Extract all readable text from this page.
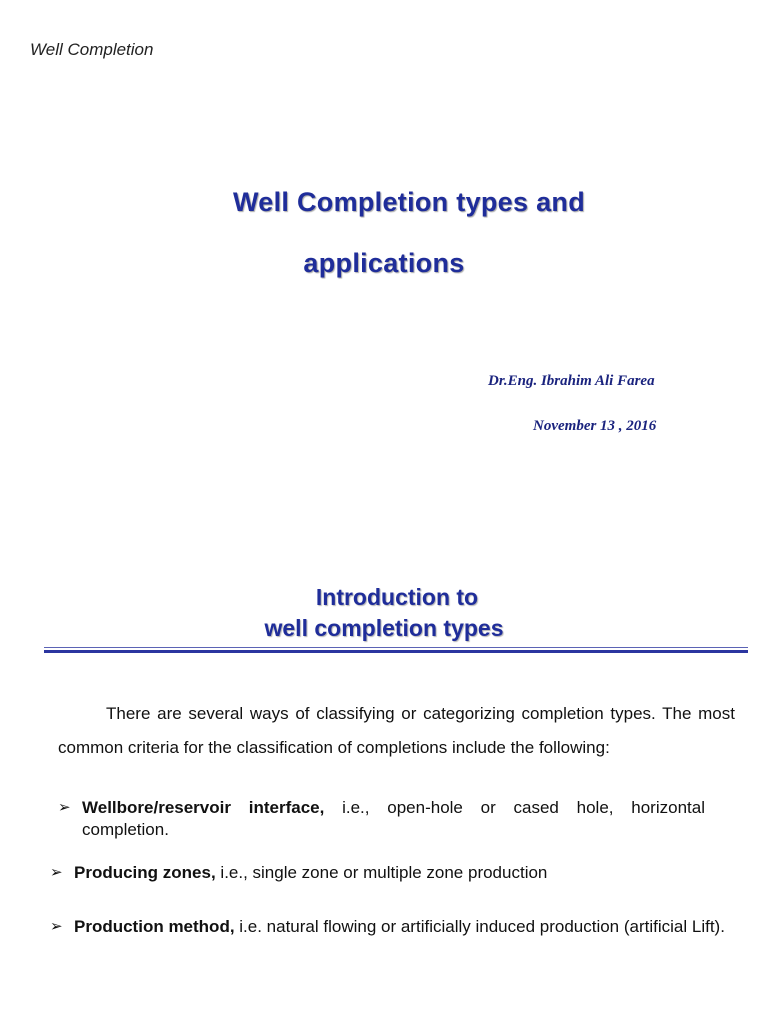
Well Completion
Well Completion types and
applications
Dr.Eng. Ibrahim Ali Farea
November 13 , 2016
Introduction to
well completion types
There are several ways of classifying or categorizing completion types. The most common criteria for the classification of completions include the following:
➢ Wellbore/reservoir interface, i.e., open-hole or cased hole, horizontal completion.
➢ Producing zones, i.e., single zone or multiple zone production
➢ Production method, i.e. natural flowing or artificially induced production (artificial Lift).
